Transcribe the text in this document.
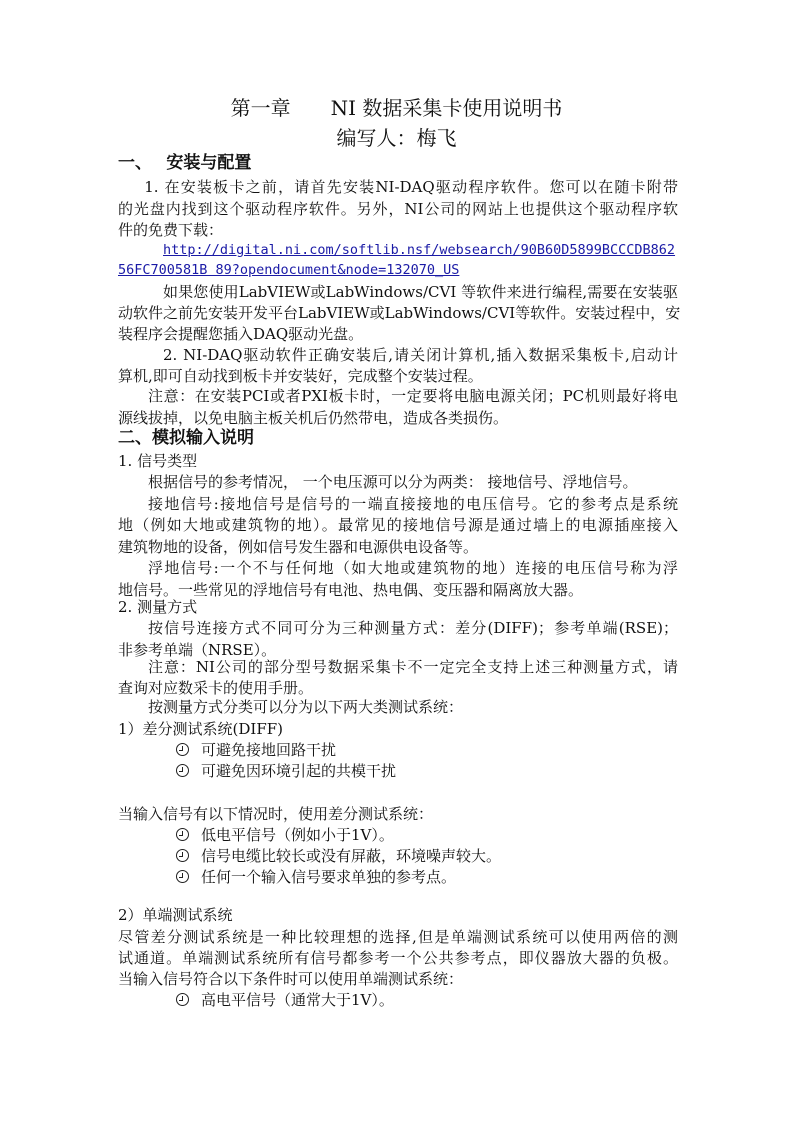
第一章　　NI 数据采集卡使用说明书
编写人：梅飞
一、　 安装与配置
　1. 在安装板卡之前，请首先安装NI-DAQ驱动程序软件。您可以在随卡附带
的光盘内找到这个驱动程序软件。另外，NI公司的网站上也提供这个驱动程序软
件的免费下载：
http://digital.ni.com/softlib.nsf/websearch/90B60D5899BCCCDB862
56FC700581B 89?opendocument&node=132070_US
如果您使用LabVIEW或LabWindows/CVI 等软件来进行编程,需要在安装驱
动软件之前先安装开发平台LabVIEW或LabWindows/CVI等软件。安装过程中，安
装程序会提醒您插入DAQ驱动光盘。
2. NI-DAQ驱动软件正确安装后,请关闭计算机,插入数据采集板卡,启动计
算机,即可自动找到板卡并安装好，完成整个安装过程。
注意：在安装PCI或者PXI板卡时，一定要将电脑电源关闭；PC机则最好将电
源线拔掉，以免电脑主板关机后仍然带电，造成各类损伤。
二、模拟输入说明
1. 信号类型
根据信号的参考情况， 一个电压源可以分为两类： 接地信号、浮地信号。
接地信号:接地信号是信号的一端直接接地的电压信号。它的参考点是系统
地（例如大地或建筑物的地）。最常见的接地信号源是通过墙上的电源插座接入
建筑物地的设备，例如信号发生器和电源供电设备等。
浮地信号:一个不与任何地（如大地或建筑物的地）连接的电压信号称为浮
地信号。一些常见的浮地信号有电池、热电偶、变压器和隔离放大器。
2. 测量方式
按信号连接方式不同可分为三种测量方式：差分(DIFF)；参考单端(RSE)；
非参考单端（NRSE）。
注意：NI公司的部分型号数据采集卡不一定完全支持上述三种测量方式，请
查询对应数采卡的使用手册。
按测量方式分类可以分为以下两大类测试系统：
1）差分测试系统(DIFF)
可避免接地回路干扰
可避免因环境引起的共模干扰
当输入信号有以下情况时，使用差分测试系统：
低电平信号（例如小于1V）。
信号电缆比较长或没有屏蔽，环境噪声较大。
任何一个输入信号要求单独的参考点。
2）单端测试系统
尽管差分测试系统是一种比较理想的选择,但是单端测试系统可以使用两倍的测
试通道。单端测试系统所有信号都参考一个公共参考点，即仪器放大器的负极。
当输入信号符合以下条件时可以使用单端测试系统：
高电平信号（通常大于1V）。
